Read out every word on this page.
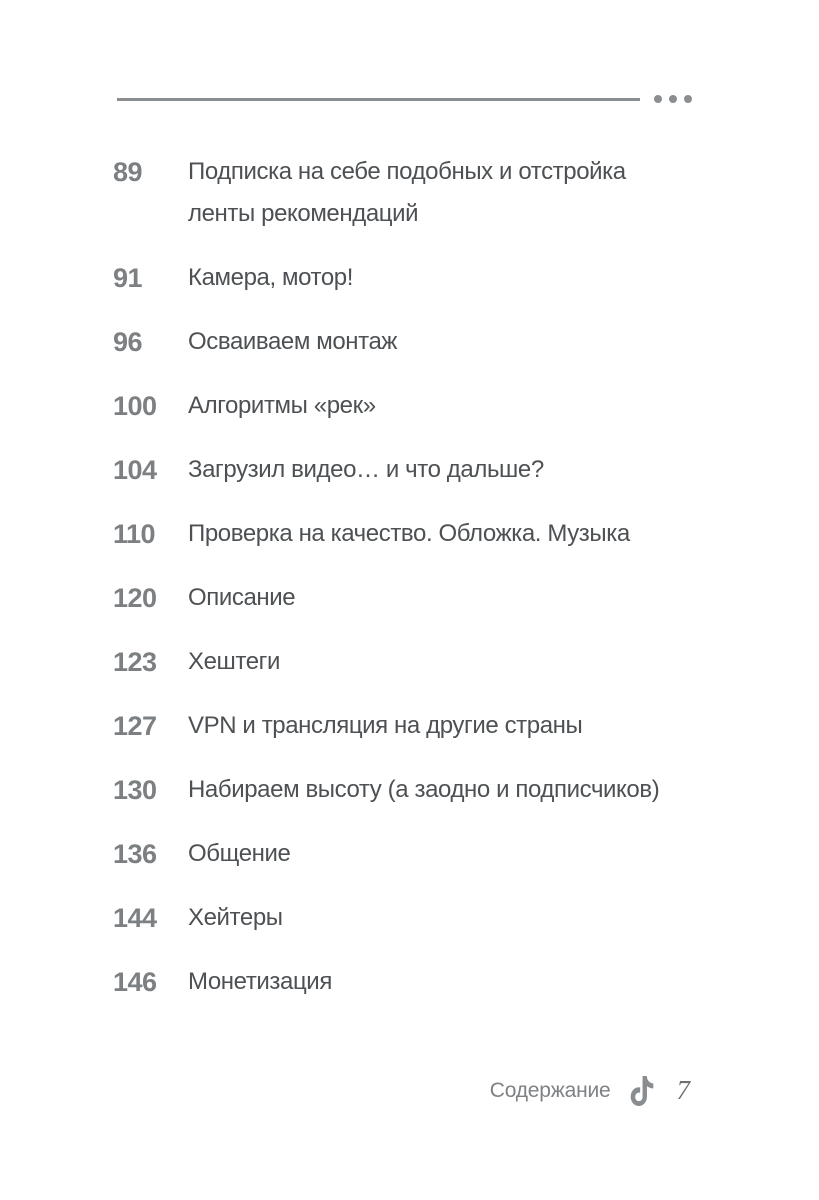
89	Подписка на себе подобных и отстройка ленты рекомендаций
91	Камера, мотор!
96	Осваиваем монтаж
100	Алгоритмы «рек»
104	Загрузил видео… и что дальше?
110	Проверка на качество. Обложка. Музыка
120	Описание
123	Хештеги
127	VPN и трансляция на другие страны
130	Набираем высоту (а заодно и подписчиков)
136	Общение
144	Хейтеры
146	Монетизация
Содержание 7
